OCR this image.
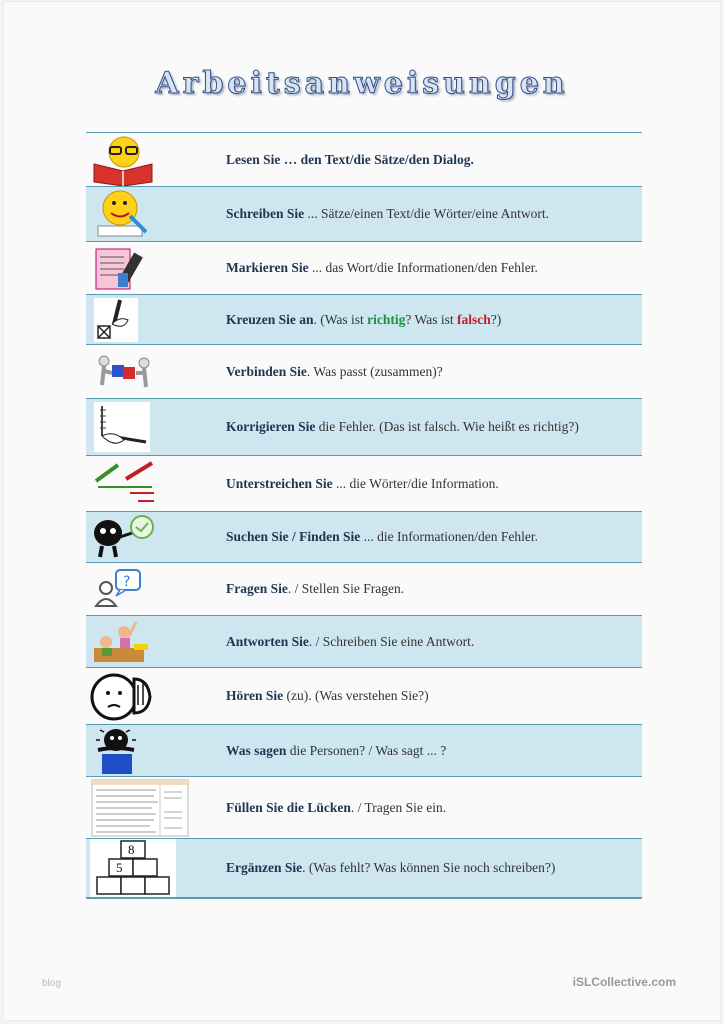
Arbeitsanweisungen
Lesen Sie … den Text/die Sätze/den Dialog.
Schreiben Sie ... Sätze/einen Text/die Wörter/eine Antwort.
Markieren Sie ... das Wort/die Informationen/den Fehler.
Kreuzen Sie an. (Was ist richtig? Was ist falsch?)
Verbinden Sie. Was passt (zusammen)?
Korrigieren Sie die Fehler. (Das ist falsch. Wie heißt es richtig?)
Unterstreichen Sie ... die Wörter/die Information.
Suchen Sie / Finden Sie ... die Informationen/den Fehler.
?	Fragen Sie. / Stellen Sie Fragen.
Antworten Sie. / Schreiben Sie eine Antwort.
Hören Sie (zu). (Was verstehen Sie?)
Was sagen die Personen? / Was sagt ... ?
Füllen Sie die Lücken. / Tragen Sie ein.
8
5	Ergänzen Sie. (Was fehlt? Was können Sie noch schreiben?)
blog	iSLCollective.com
